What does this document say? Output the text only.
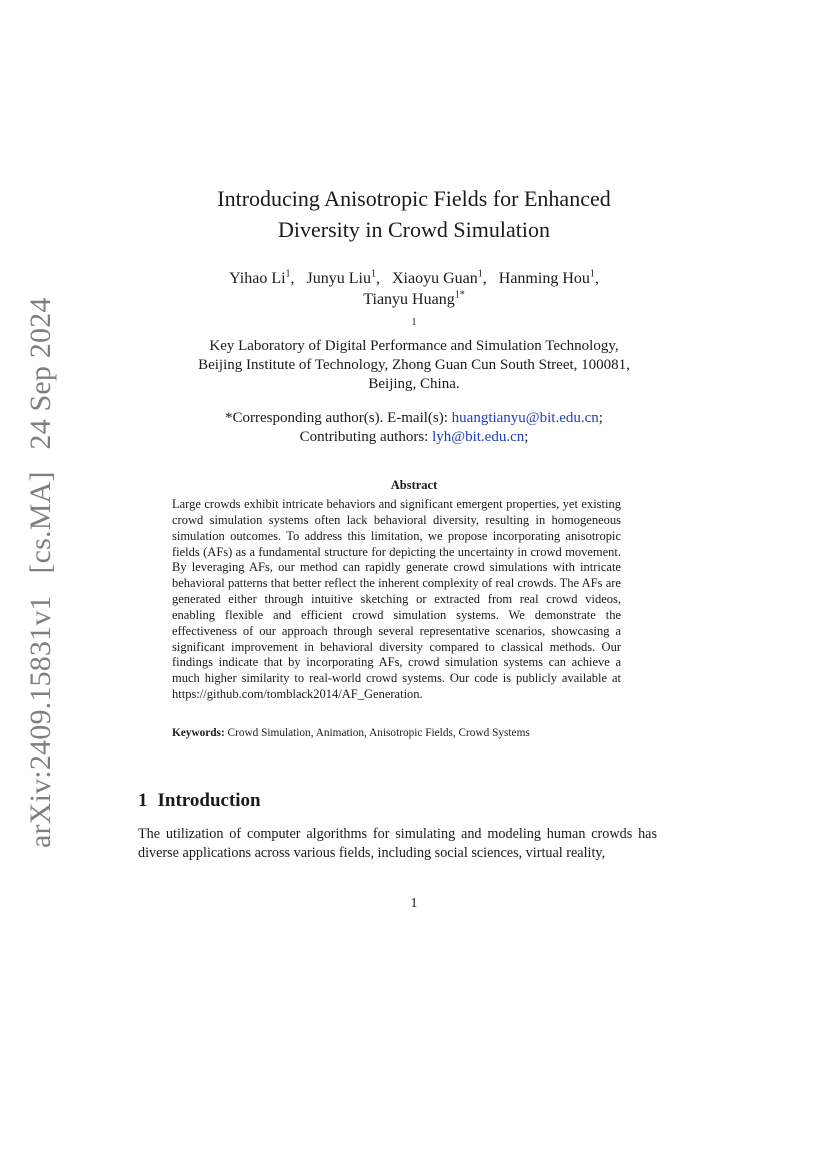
arXiv:2409.15831v1 [cs.MA] 24 Sep 2024
Introducing Anisotropic Fields for Enhanced
Diversity in Crowd Simulation
Yihao Li$^1$, Junyu Liu$^1$, Xiaoyu Guan$^1$, Hanming Hou$^1$,
Tianyu Huang$^{1*}$
$^1$
Key Laboratory of Digital Performance and Simulation Technology,
Beijing Institute of Technology, Zhong Guan Cun South Street, 100081,
Beijing, China.
*Corresponding author(s). E-mail(s): huangtianyu@bit.edu.cn;
Contributing authors: lyh@bit.edu.cn;
Abstract
Large crowds exhibit intricate behaviors and significant emergent properties, yet existing crowd simulation systems often lack behavioral diversity, resulting in homogeneous simulation outcomes. To address this limitation, we propose incorporating anisotropic fields (AFs) as a fundamental structure for depicting the uncertainty in crowd movement. By leveraging AFs, our method can rapidly generate crowd simulations with intricate behavioral patterns that better reflect the inherent complexity of real crowds. The AFs are generated either through intuitive sketching or extracted from real crowd videos, enabling flexible and efficient crowd simulation systems. We demonstrate the effectiveness of our approach through several representative scenarios, showcasing a significant improvement in behavioral diversity compared to classical methods. Our findings indicate that by incorporating AFs, crowd simulation systems can achieve a much higher similarity to real-world crowd systems. Our code is publicly available at https://github.com/tomblack2014/AF_Generation.
Keywords: Crowd Simulation, Animation, Anisotropic Fields, Crowd Systems
1 Introduction
The utilization of computer algorithms for simulating and modeling human crowds has diverse applications across various fields, including social sciences, virtual reality,
1
